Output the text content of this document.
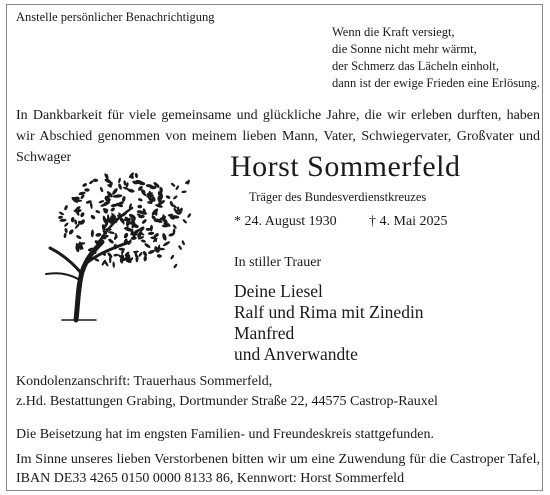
Anstelle persönlicher Benachrichtigung
Wenn die Kraft versiegt,
die Sonne nicht mehr wärmt,
der Schmerz das Lächeln einholt,
dann ist der ewige Frieden eine Erlösung.
In Dankbarkeit für viele gemeinsame und glückliche Jahre, die wir erleben durften, haben wir Abschied genommen von meinem lieben Mann, Vater, Schwiegervater, Großvater und Schwager	Horst Sommerfeld
Träger des Bundesverdienstkreuzes
* 24. August 1930 † 4. Mai 2025
In stiller Trauer
Deine Liesel
Ralf und Rima mit Zinedin
Manfred
und Anverwandte
Kondolenzanschrift: Trauerhaus Sommerfeld,
z.Hd. Bestattungen Grabing, Dortmunder Straße 22, 44575 Castrop-Rauxel
Die Beisetzung hat im engsten Familien- und Freundeskreis stattgefunden.
Im Sinne unseres lieben Verstorbenen bitten wir um eine Zuwendung für die Castroper Tafel, IBAN DE33 4265 0150 0000 8133 86, Kennwort: Horst Sommerfeld
